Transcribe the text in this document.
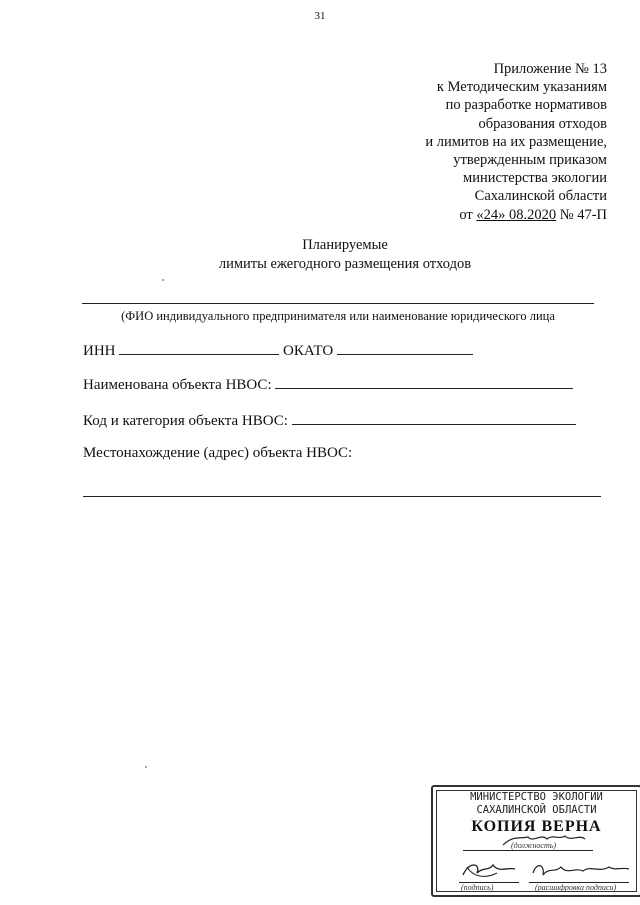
31
Приложение № 13
к Методическим указаниям
по разработке нормативов
образования отходов
и лимитов на их размещение,
утвержденным приказом
министерства экологии
Сахалинской области
от «24» 08.2020 № 47-П
Планируемые
лимиты ежегодного размещения отходов
(ФИО индивидуального предпринимателя или наименование юридического лица
ИНН	ОКАТО
Наименована объекта НВОС:
Код и категория объекта НВОС:
Местонахождение (адрес) объекта НВОС:
МИНИСТЕРСТВО ЭКОЛОГИИ
САХАЛИНСКОЙ ОБЛАСТИ
КОПИЯ ВЕРНА
(должность)
(подпись)	(расшифровка подписи)
